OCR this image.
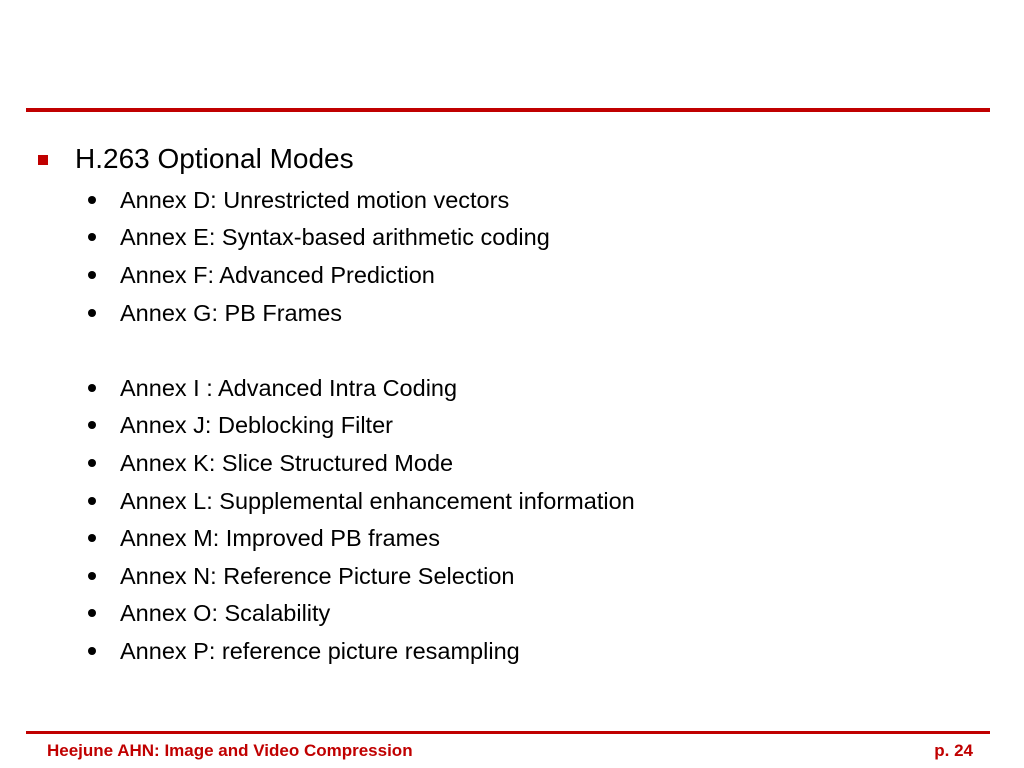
H.263 Optional Modes
Annex D: Unrestricted motion vectors
Annex E: Syntax-based arithmetic coding
Annex F: Advanced Prediction
Annex G: PB Frames
Annex I : Advanced Intra Coding
Annex J: Deblocking Filter
Annex K: Slice Structured Mode
Annex L: Supplemental enhancement information
Annex M: Improved PB frames
Annex N: Reference Picture Selection
Annex O: Scalability
Annex P: reference picture resampling
Heejune AHN: Image and Video Compression	p. 24
